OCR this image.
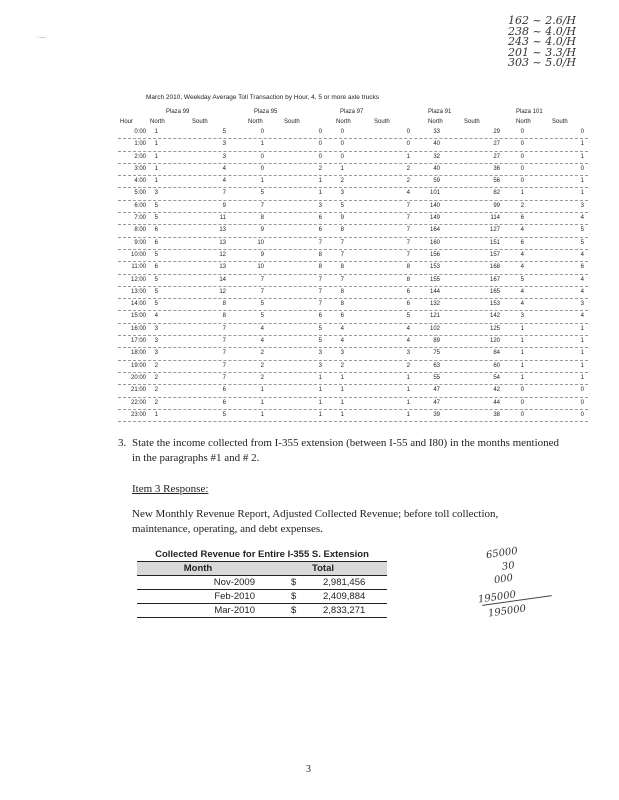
162 ~ 2.6/H
238 ~ 4.0/H
243 ~ 4.0/H
201 ~ 3.3/H
303 ~ 5.0/H
· —
March 2010, Weekday Average Toll Transaction by Hour, 4, 5 or more axle trucks
Plaza 99	Plaza 95	Plaza 97	Plaza 91	Plaza 101
Hour	North	South	North	South	North	South	North	South	North	South
0:00	1	5	0	0	0	0	33	29	0	0
1:00	1	3	1	0	0	0	40	27	0	1
2:00	1	3	0	0	0	1	32	27	0	1
3:00	1	4	0	2	1	2	40	36	0	0
4:00	1	4	1	1	2	2	59	56	0	1
5:00	3	7	5	1	3	4	101	82	1	1
6:00	5	9	7	3	5	7	140	99	2	3
7:00	5	11	8	6	9	7	149	114	6	4
8:00	6	13	9	6	8	7	164	127	4	5
9:00	6	13	10	7	7	7	160	151	6	5
10:00	5	12	9	8	7	7	156	157	4	4
11:00	6	13	10	8	8	8	153	168	4	6
12:00	5	14	7	7	7	8	155	167	5	4
13:00	5	12	7	7	8	6	144	165	4	4
14:00	5	8	5	7	8	6	132	153	4	3
15:00	4	8	5	6	6	5	121	142	3	4
16:00	3	7	4	5	4	4	102	125	1	1
17:00	3	7	4	5	4	4	89	120	1	1
18:00	3	7	2	3	3	3	75	84	1	1
19:00	2	7	2	3	2	2	63	60	1	1
20:00	2	7	2	1	1	1	55	54	1	1
21:00	2	6	1	1	1	1	47	42	0	0
22:00	2	6	1	1	1	1	47	44	0	0
23:00	1	5	1	1	1	1	39	38	0	0
3. State the income collected from I-355 extension (between I-55 and I80) in the months mentioned in the paragraphs #1 and # 2.
Item 3 Response:
New Monthly Revenue Report, Adjusted Collected Revenue; before toll collection, maintenance, operating, and debt expenses.
Collected Revenue for Entire I-355 S. Extension
Month	Total
Nov-2009	$	2,981,456
Feb-2010	$	2,409,884
Mar-2010	$	2,833,271
65000
30
000
195000
195000
3
